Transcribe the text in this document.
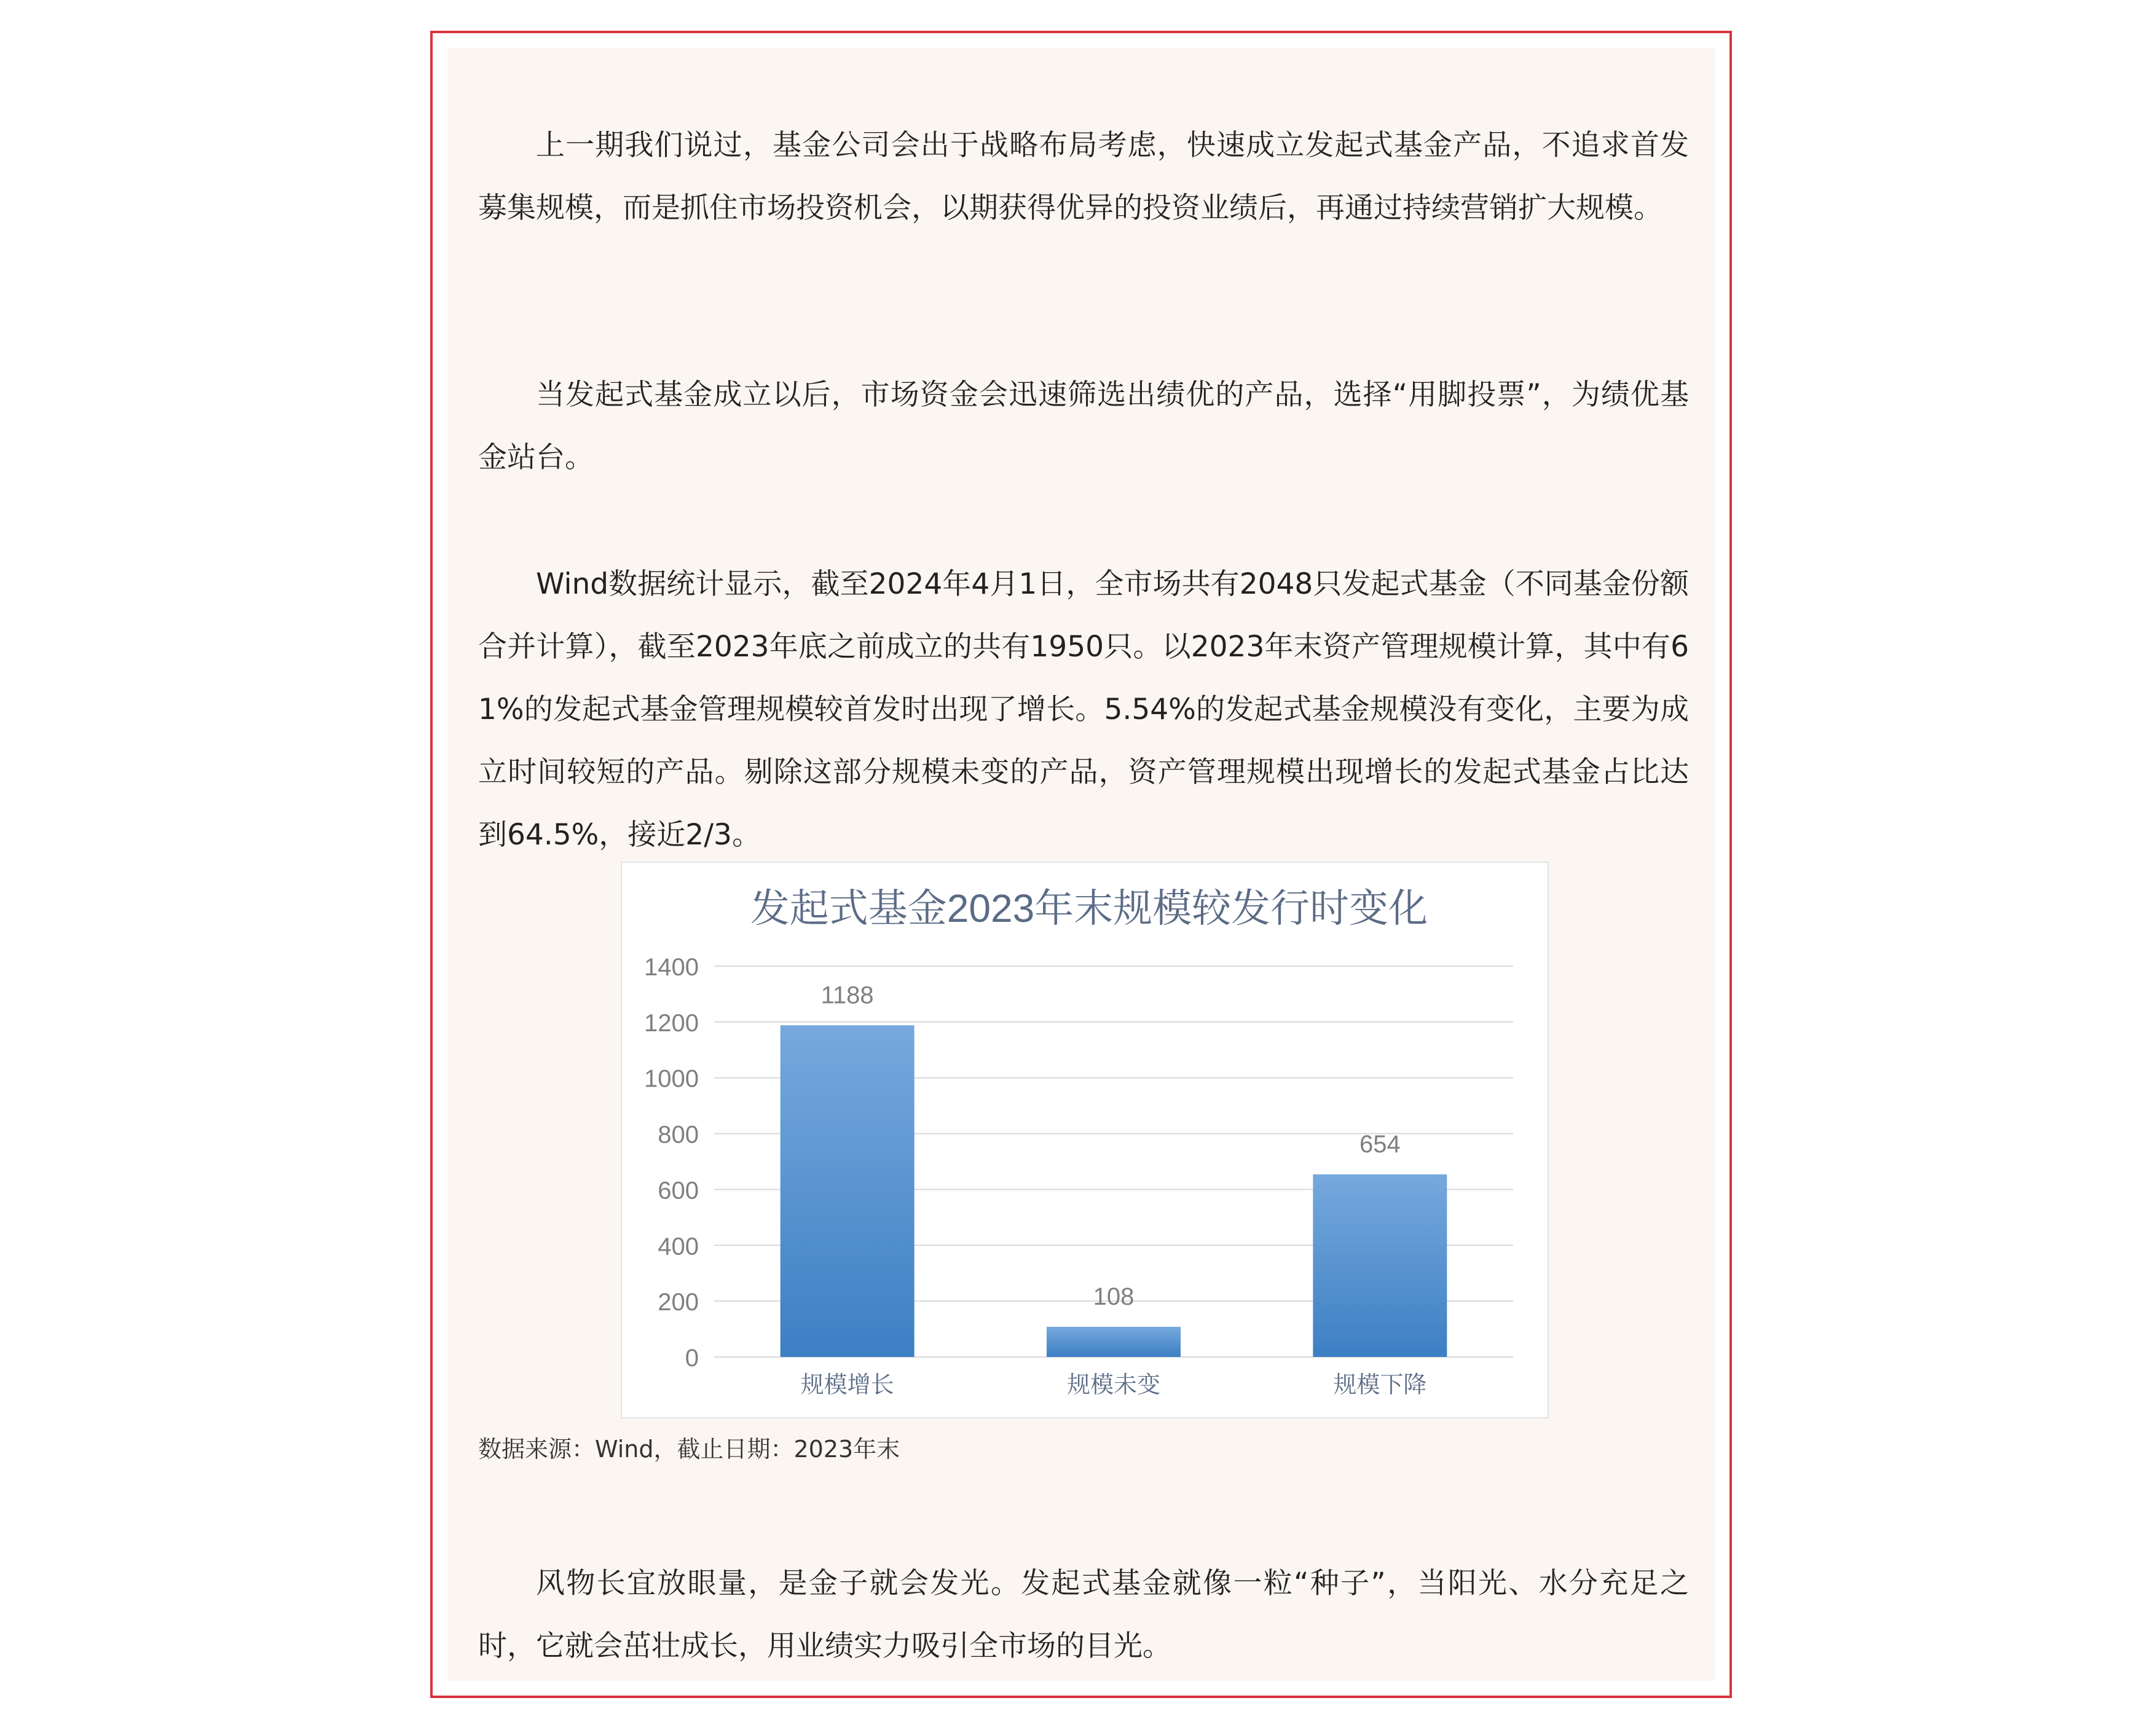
上一期我们说过，基金公司会出于战略布局考虑，快速成立发起式基金产品，不追求首发募集规模，而是抓住市场投资机会，以期获得优异的投资业绩后，再通过持续营销扩大规模。

当发起式基金成立以后，市场资金会迅速筛选出绩优的产品，选择“用脚投票”，为绩优基金站台。

Wind数据统计显示，截至2024年4月1日，全市场共有2048只发起式基金（不同基金份额合并计算），截至2023年底之前成立的共有1950只。以2023年末资产管理规模计算，其中有61%的发起式基金管理规模较首发时出现了增长。5.54%的发起式基金规模没有变化，主要为成立时间较短的产品。剔除这部分规模未变的产品，资产管理规模出现增长的发起式基金占比达到64.5%，接近2/3。

发起式基金2023年末规模较发行时变化
0
200
400
600
800
1000
1200
1400
1188
规模增长
108
规模未变
654
规模下降
数据来源：Wind，截止日期：2023年末

风物长宜放眼量，是金子就会发光。发起式基金就像一粒“种子”，当阳光、水分充足之时，它就会茁壮成长，用业绩实力吸引全市场的目光。
